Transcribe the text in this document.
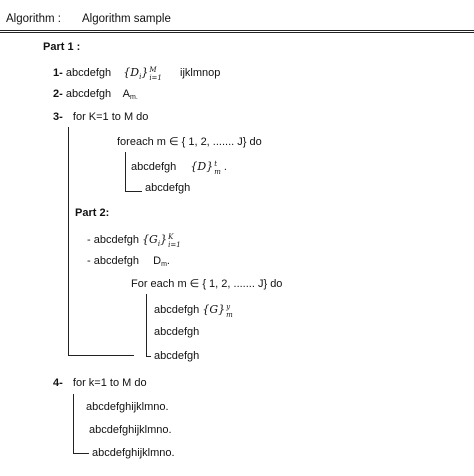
Algorithm : Algorithm sample
Part 1 :
1- abcdefgh $\{D_i\}$ M
i=1 ijklmnop
2- abcdefgh Am.
3- for K=1 to M do
foreach m ∈ { 1, 2, ....... J} do
abcdefgh {D} t
m .
abcdefgh
Part 2:
- abcdefgh $\{G_i\}$ K
i=1
- abcdefgh Dm.
For each m ∈ { 1, 2, ....... J} do
abcdefgh {G} y
m
abcdefgh
abcdefgh
4- for k=1 to M do
abcdefghijklmno.
abcdefghijklmno.
abcdefghijklmno.
